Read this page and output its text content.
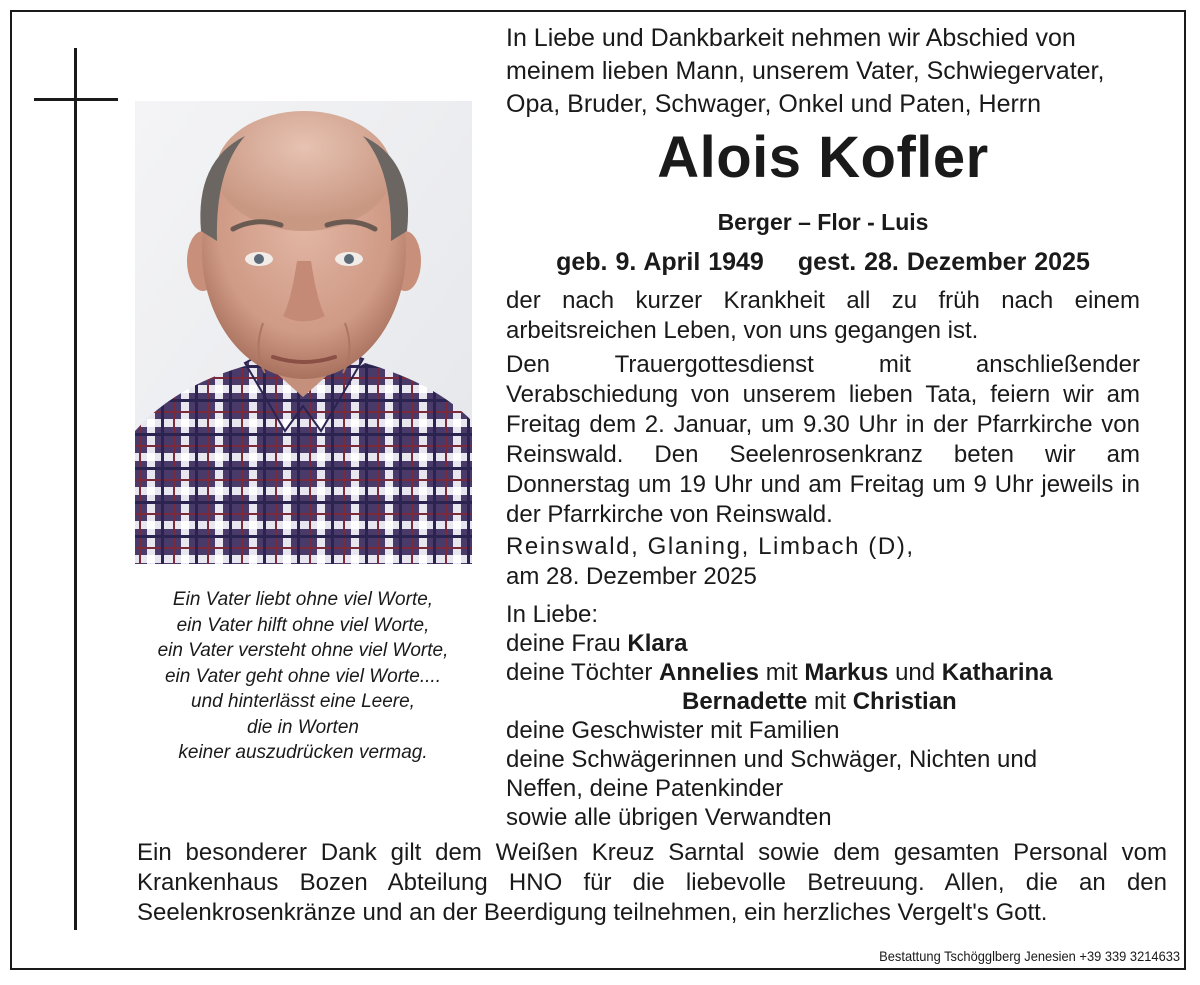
Ein Vater liebt ohne viel Worte,
ein Vater hilft ohne viel Worte,
ein Vater versteht ohne viel Worte,
ein Vater geht ohne viel Worte....
und hinterlässt eine Leere,
die in Worten
keiner auszudrücken vermag.
In Liebe und Dankbarkeit nehmen wir Abschied von
meinem lieben Mann, unserem Vater, Schwiegervater,
Opa, Bruder, Schwager, Onkel und Paten, Herrn
Alois Kofler
Berger – Flor - Luis
geb. 9. April 1949 gest. 28. Dezember 2025
der nach kurzer Krankheit all zu früh nach einem arbeitsreichen Leben, von uns gegangen ist.
Den Trauergottesdienst mit anschließender Verabschiedung von unserem lieben Tata, feiern wir am Freitag dem 2. Januar, um 9.30 Uhr in der Pfarrkirche von Reinswald. Den Seelenrosenkranz beten wir am Donnerstag um 19 Uhr und am Freitag um 9 Uhr jeweils in der Pfarrkirche von Reinswald.
Reinswald, Glaning, Limbach (D),
am 28. Dezember 2025
In Liebe:
deine Frau Klara
deine Töchter Annelies mit Markus und Katharina
Bernadette mit Christian
deine Geschwister mit Familien
deine Schwägerinnen und Schwäger, Nichten und
Neffen, deine Patenkinder
sowie alle übrigen Verwandten
Ein besonderer Dank gilt dem Weißen Kreuz Sarntal sowie dem gesamten Personal vom Krankenhaus Bozen Abteilung HNO für die liebevolle Betreuung. Allen, die an den Seelenkrosenkränze und an der Beerdigung teilnehmen, ein herzliches Vergelt's Gott.
Bestattung Tschögglberg Jenesien +39 339 3214633
